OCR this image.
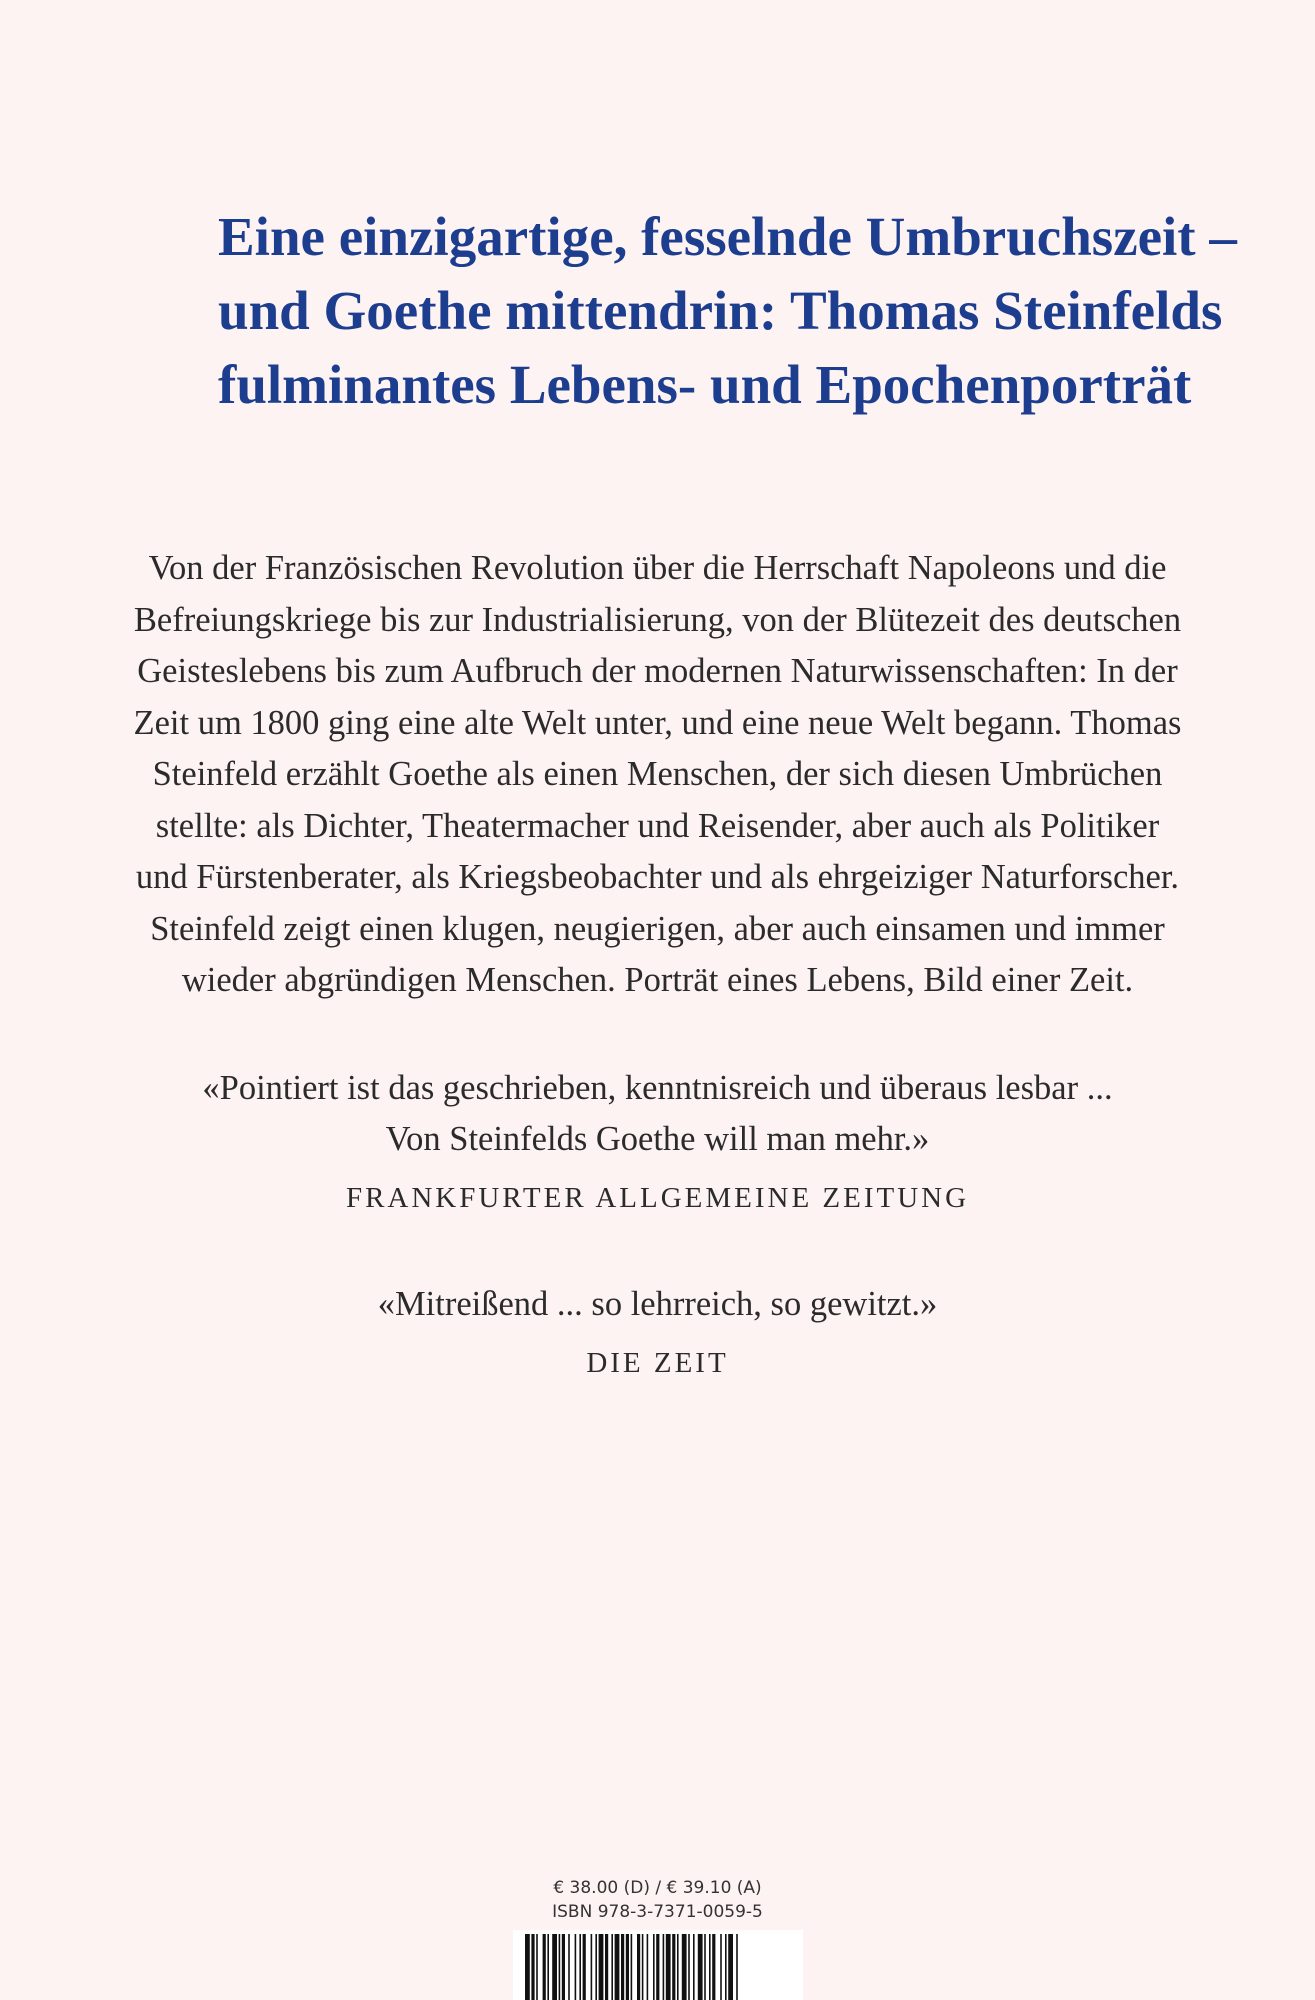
Eine einzigartige, fesselnde Umbruchszeit –
und Goethe mittendrin: Thomas Steinfelds
fulminantes Lebens- und Epochenporträt

Von der Französischen Revolution über die Herrschaft Napoleons und die
Befreiungskriege bis zur Industrialisierung, von der Blütezeit des deutschen
Geisteslebens bis zum Aufbruch der modernen Naturwissenschaften: In der
Zeit um 1800 ging eine alte Welt unter, und eine neue Welt begann. Thomas
Steinfeld erzählt Goethe als einen Menschen, der sich diesen Umbrüchen
stellte: als Dichter, Theatermacher und Reisender, aber auch als Politiker
und Fürstenberater, als Kriegsbeobachter und als ehrgeiziger Naturforscher.
Steinfeld zeigt einen klugen, neugierigen, aber auch einsamen und immer
wieder abgründigen Menschen. Porträt eines Lebens, Bild einer Zeit.

«Pointiert ist das geschrieben, kenntnisreich und überaus lesbar ...
Von Steinfelds Goethe will man mehr.»
FRANKFURTER ALLGEMEINE ZEITUNG
«Mitreißend ... so lehrreich, so gewitzt.»
DIE ZEIT
€ 38.00 (D) / € 39.10 (A)
ISBN 978-3-7371-0059-5
